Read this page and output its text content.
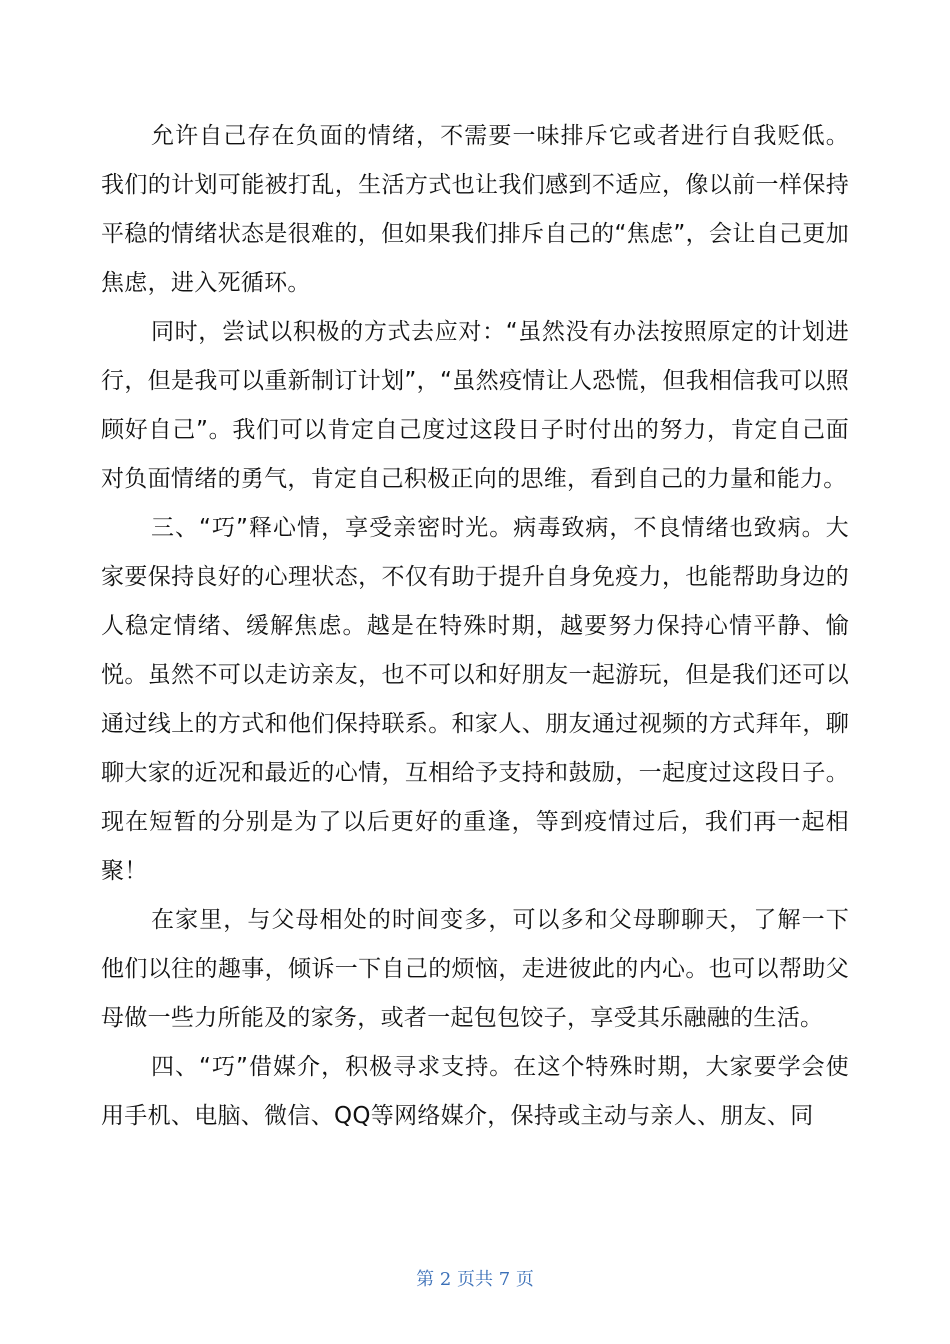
允许自己存在负面的情绪，不需要一味排斥它或者进行自我贬低。我们的计划可能被打乱，生活方式也让我们感到不适应，像以前一样保持平稳的情绪状态是很难的，但如果我们排斥自己的“焦虑”，会让自己更加焦虑，进入死循环。

同时，尝试以积极的方式去应对：“虽然没有办法按照原定的计划进行，但是我可以重新制订计划”，“虽然疫情让人恐慌，但我相信我可以照顾好自己”。我们可以肯定自己度过这段日子时付出的努力，肯定自己面对负面情绪的勇气，肯定自己积极正向的思维，看到自己的力量和能力。

三、“巧”释心情，享受亲密时光。病毒致病，不良情绪也致病。大家要保持良好的心理状态，不仅有助于提升自身免疫力，也能帮助身边的人稳定情绪、缓解焦虑。越是在特殊时期，越要努力保持心情平静、愉悦。虽然不可以走访亲友，也不可以和好朋友一起游玩，但是我们还可以通过线上的方式和他们保持联系。和家人、朋友通过视频的方式拜年，聊聊大家的近况和最近的心情，互相给予支持和鼓励，一起度过这段日子。现在短暂的分别是为了以后更好的重逢，等到疫情过后，我们再一起相聚！

在家里，与父母相处的时间变多，可以多和父母聊聊天，了解一下他们以往的趣事，倾诉一下自己的烦恼，走进彼此的内心。也可以帮助父母做一些力所能及的家务，或者一起包包饺子，享受其乐融融的生活。

四、“巧”借媒介，积极寻求支持。在这个特殊时期，大家要学会使用手机、电脑、微信、QQ等网络媒介，保持或主动与亲人、朋友、同

第 2 页共 7 页
